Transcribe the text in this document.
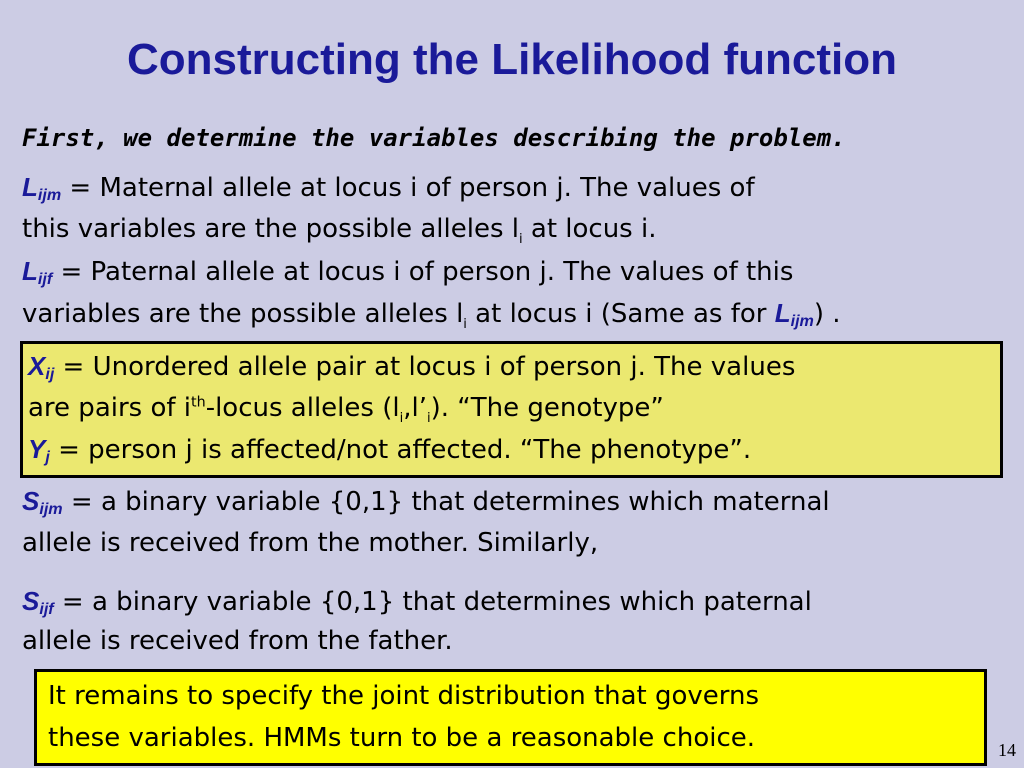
Constructing the Likelihood function
First, we determine the variables describing the problem.
$L_{ijm}$ = Maternal allele at locus i of person j. The values of
this variables are the possible alleles $l_i$ at locus i.
$L_{ijf}$ = Paternal allele at locus i of person j. The values of this
variables are the possible alleles $l_i$ at locus i (Same as for $L_{ijm}$) .
$X_{ij}$ = Unordered allele pair at locus i of person j. The values
are pairs of $i^{th}$-locus alleles $(l_i,l’_i)$. “The genotype”
$Y_j$ = person j is affected/not affected. “The phenotype”.
$S_{ijm} = a$ binary variable {0,1} that determines which maternal
allele is received from the mother. Similarly,
$S_{ijf} = a$ binary variable {0,1} that determines which paternal
allele is received from the father.
It remains to specify the joint distribution that governs
these variables. HMMs turn to be a reasonable choice.	14
